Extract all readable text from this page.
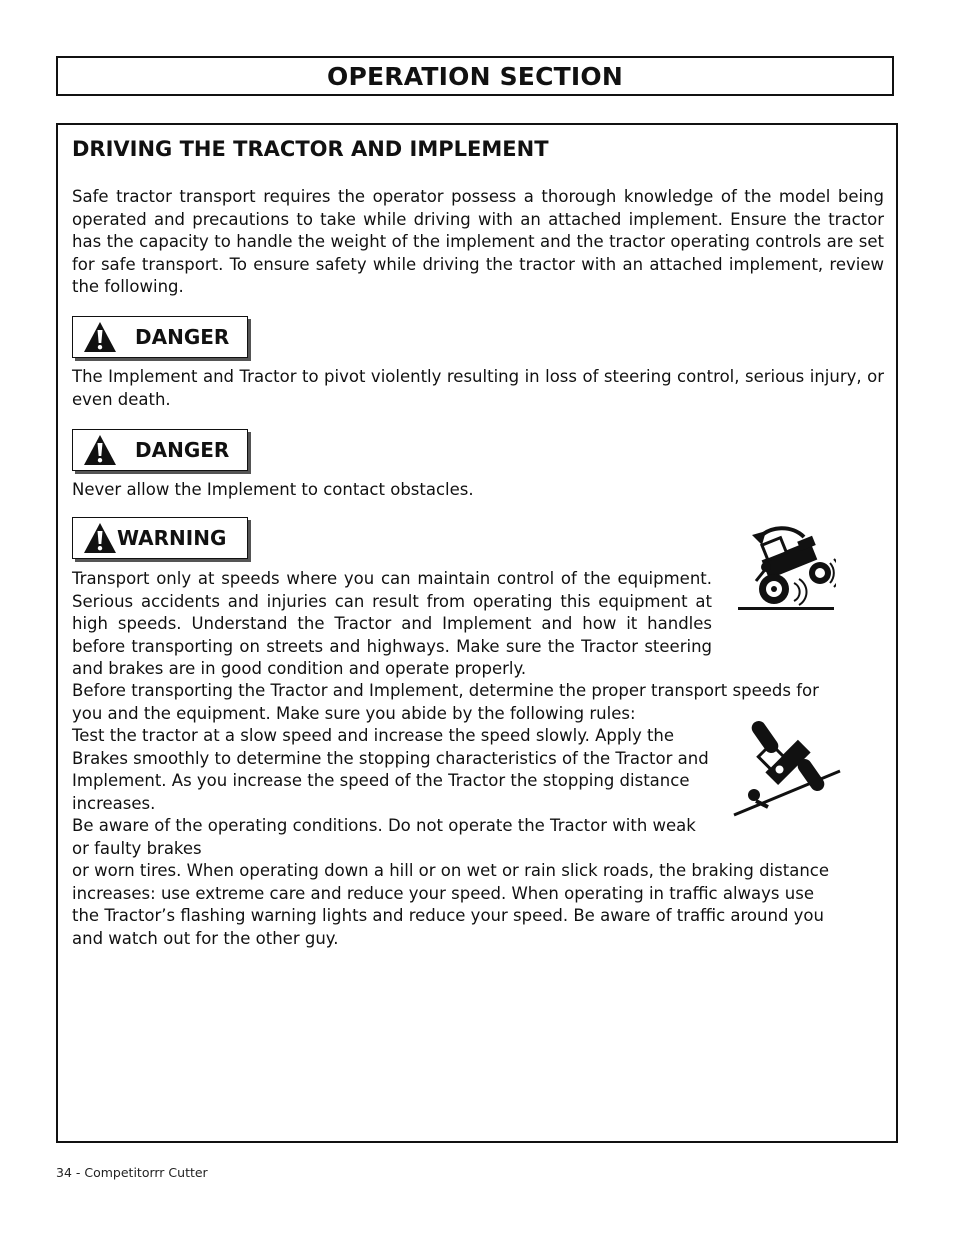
OPERATION SECTION
DRIVING THE TRACTOR AND IMPLEMENT

Safe tractor transport requires the operator possess a thorough knowledge of the model being operated and precautions to take while driving with an attached implement. Ensure the tractor has the capacity to handle the weight of the implement and the tractor operating controls are set for safe transport. To ensure safety while driving the tractor with an attached implement, review the following.

DANGER

The Implement and Tractor to pivot violently resulting in loss of steering control, serious injury, or even death.

DANGER

Never allow the Implement to contact obstacles.

WARNING

Transport only at speeds where you can maintain control of the equipment. Serious accidents and injuries can result from operating this equipment at high speeds. Understand the Tractor and Implement and how it handles before transporting on streets and highways. Make sure the Tractor steering and brakes are in good condition and operate properly.

Before transporting the Tractor and Implement, determine the proper transport speeds for you and the equipment. Make sure you abide by the following rules:

Test the tractor at a slow speed and increase the speed slowly. Apply the Brakes smoothly to determine the stopping characteristics of the Tractor and Implement. As you increase the speed of the Tractor the stopping distance increases.

Be aware of the operating conditions. Do not operate the Tractor with weak or faulty brakes

or worn tires. When operating down a hill or on wet or rain slick roads, the braking distance increases: use extreme care and reduce your speed. When operating in traffic always use the Tractor’s flashing warning lights and reduce your speed. Be aware of traffic around you and watch out for the other guy.

34 - Competitorrr Cutter
